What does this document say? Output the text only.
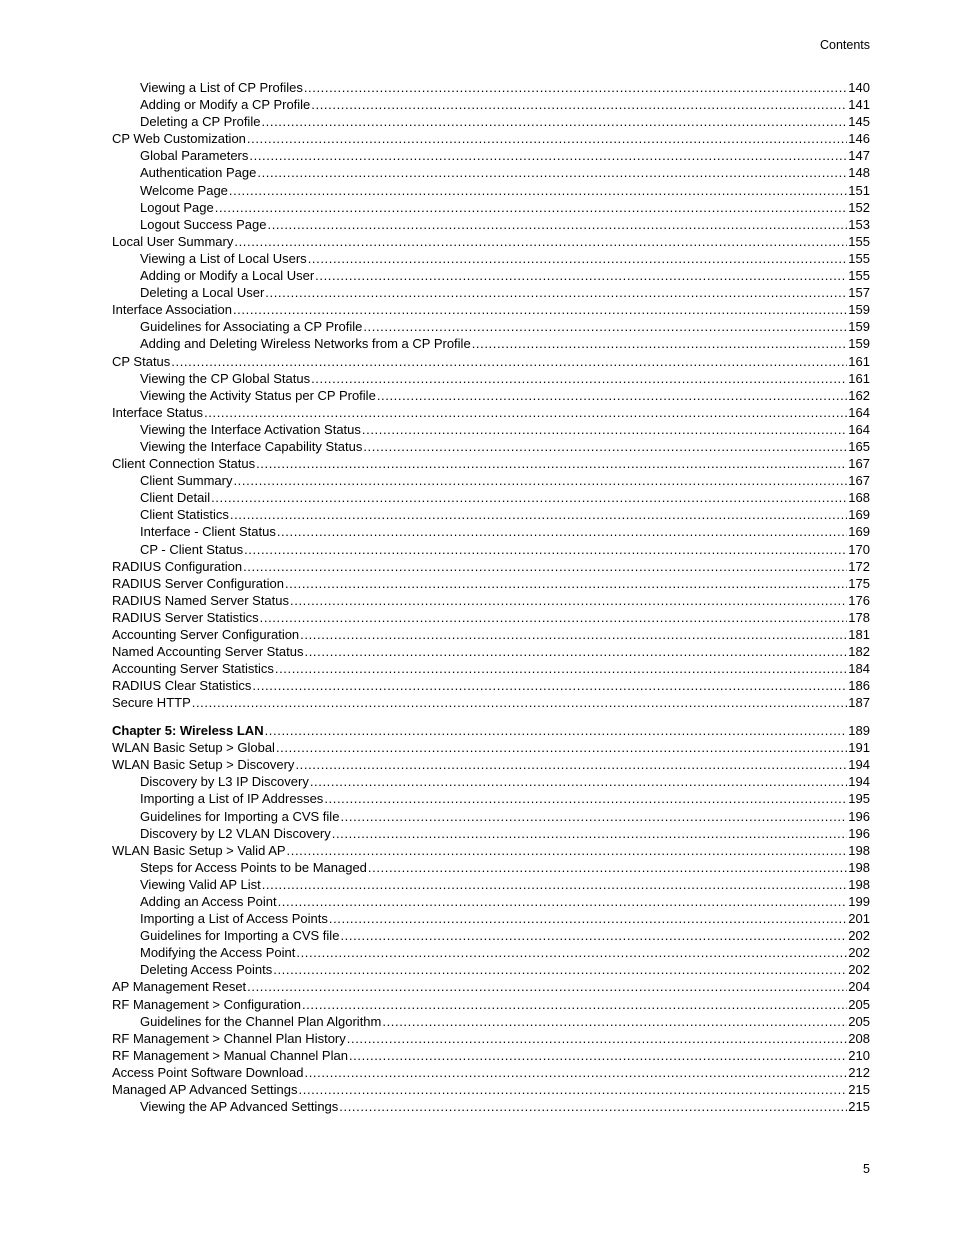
Contents
Viewing a List of CP Profiles .....	140
Adding or Modify a CP Profile .....	141
Deleting a CP Profile .....	145
CP Web Customization .....	146
Global Parameters .....	147
Authentication Page .....	148
Welcome Page .....	151
Logout Page .....	152
Logout Success Page .....	153
Local User Summary .....	155
Viewing a List of Local Users .....	155
Adding or Modify a Local User .....	155
Deleting a Local User .....	157
Interface Association .....	159
Guidelines for Associating a CP Profile .....	159
Adding and Deleting Wireless Networks from a CP Profile .....	159
CP Status .....	161
Viewing the CP Global Status .....	161
Viewing the Activity Status per CP Profile .....	162
Interface Status .....	164
Viewing the Interface Activation Status .....	164
Viewing the Interface Capability Status .....	165
Client Connection Status .....	167
Client Summary .....	167
Client Detail .....	168
Client Statistics .....	169
Interface - Client Status .....	169
CP - Client Status .....	170
RADIUS Configuration .....	172
RADIUS Server Configuration .....	175
RADIUS Named Server Status .....	176
RADIUS Server Statistics .....	178
Accounting Server Configuration .....	181
Named Accounting Server Status .....	182
Accounting Server Statistics .....	184
RADIUS Clear Statistics .....	186
Secure HTTP .....	187
Chapter 5: Wireless LAN .....	189
WLAN Basic Setup > Global .....	191
WLAN Basic Setup > Discovery .....	194
Discovery by L3 IP Discovery .....	194
Importing a List of IP Addresses .....	195
Guidelines for Importing a CVS file .....	196
Discovery by L2 VLAN Discovery .....	196
WLAN Basic Setup > Valid AP .....	198
Steps for Access Points to be Managed .....	198
Viewing Valid AP List .....	198
Adding an Access Point .....	199
Importing a List of Access Points .....	201
Guidelines for Importing a CVS file .....	202
Modifying the Access Point .....	202
Deleting Access Points .....	202
AP Management Reset .....	204
RF Management > Configuration .....	205
Guidelines for the Channel Plan Algorithm .....	205
RF Management > Channel Plan History .....	208
RF Management > Manual Channel Plan .....	210
Access Point Software Download .....	212
Managed AP Advanced Settings .....	215
Viewing the AP Advanced Settings .....	215
5
